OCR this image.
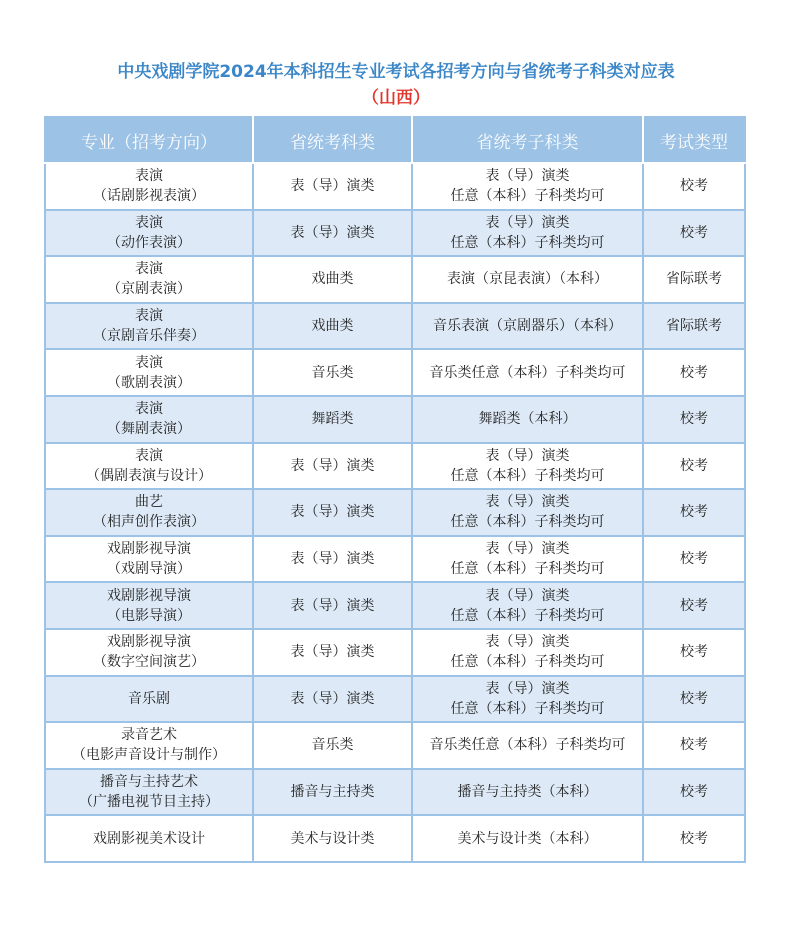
中央戏剧学院2024年本科招生专业考试各招考方向与省统考子科类对应表
（山西）
专业（招考方向）	省统考科类	省统考子科类	考试类型

表演
（话剧影视表演）	表（导）演类	表（导）演类
任意（本科）子科类均可	校考

表演
（动作表演）	表（导）演类	表（导）演类
任意（本科）子科类均可	校考

表演
（京剧表演）	戏曲类	表演（京昆表演）（本科）	省际联考

表演
（京剧音乐伴奏）	戏曲类	音乐表演（京剧器乐）（本科）	省际联考

表演
（歌剧表演）	音乐类	音乐类任意（本科）子科类均可	校考

表演
（舞剧表演）	舞蹈类	舞蹈类（本科）	校考

表演
（偶剧表演与设计）	表（导）演类	表（导）演类
任意（本科）子科类均可	校考

曲艺
（相声创作表演）	表（导）演类	表（导）演类
任意（本科）子科类均可	校考

戏剧影视导演
（戏剧导演）	表（导）演类	表（导）演类
任意（本科）子科类均可	校考

戏剧影视导演
（电影导演）	表（导）演类	表（导）演类
任意（本科）子科类均可	校考

戏剧影视导演
（数字空间演艺）	表（导）演类	表（导）演类
任意（本科）子科类均可	校考

音乐剧	表（导）演类	表（导）演类
任意（本科）子科类均可	校考

录音艺术
（电影声音设计与制作）	音乐类	音乐类任意（本科）子科类均可	校考

播音与主持艺术
（广播电视节目主持）	播音与主持类	播音与主持类（本科）	校考

戏剧影视美术设计	美术与设计类	美术与设计类（本科）	校考
